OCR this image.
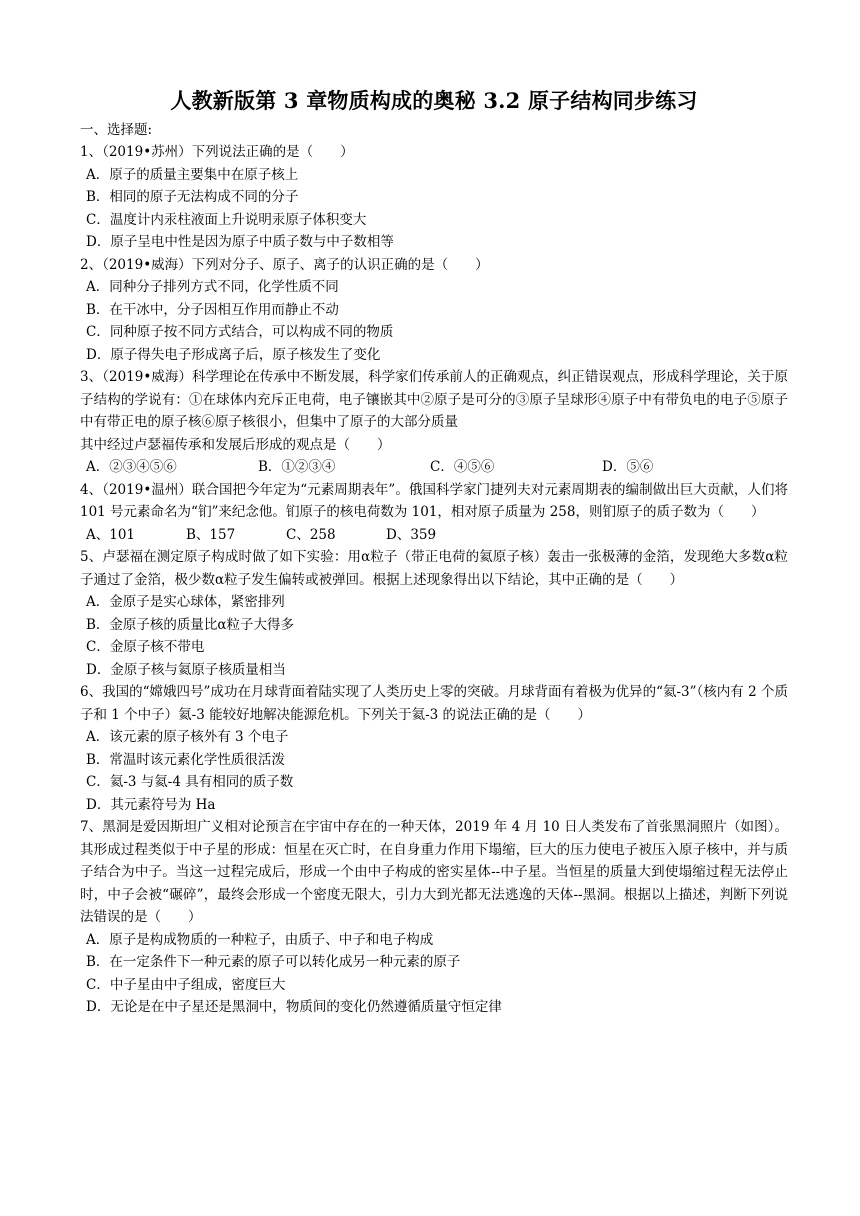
人教新版第 3 章物质构成的奥秘 3.2 原子结构同步练习
一、选择题:
1、（2019•苏州）下列说法正确的是（　　）
A．原子的质量主要集中在原子核上
B．相同的原子无法构成不同的分子
C．温度计内汞柱液面上升说明汞原子体积变大
D．原子呈电中性是因为原子中质子数与中子数相等
2、（2019•威海）下列对分子、原子、离子的认识正确的是（　　）
A．同种分子排列方式不同，化学性质不同
B．在干冰中，分子因相互作用而静止不动
C．同种原子按不同方式结合，可以构成不同的物质
D．原子得失电子形成离子后，原子核发生了变化
3、（2019•威海）科学理论在传承中不断发展，科学家们传承前人的正确观点，纠正错误观点，形成科学理论，关于原子结构的学说有：①在球体内充斥正电荷，电子镶嵌其中②原子是可分的③原子呈球形④原子中有带负电的电子⑤原子中有带正电的原子核⑥原子核很小，但集中了原子的大部分质量
其中经过卢瑟福传承和发展后形成的观点是（　　）
A．②③④⑤⑥	B．①②③④	C．④⑤⑥	D．⑤⑥
4、（2019•温州）联合国把今年定为“元素周期表年”。俄国科学家门捷列夫对元素周期表的编制做出巨大贡献，人们将 101 号元素命名为“钔”来纪念他。钔原子的核电荷数为 101，相对原子质量为 258，则钔原子的质子数为（　　）
A、101	B、157	C、258	D、359
5、卢瑟福在测定原子构成时做了如下实验：用α粒子（带正电荷的氦原子核）轰击一张极薄的金箔，发现绝大多数α粒子通过了金箔，极少数α粒子发生偏转或被弹回。根据上述现象得出以下结论，其中正确的是（　　）
A．金原子是实心球体，紧密排列
B．金原子核的质量比α粒子大得多
C．金原子核不带电
D．金原子核与氦原子核质量相当
6、我国的“嫦娥四号”成功在月球背面着陆实现了人类历史上零的突破。月球背面有着极为优异的“氦-3”（核内有 2 个质子和 1 个中子）氦-3 能较好地解决能源危机。下列关于氦-3 的说法正确的是（　　）
A．该元素的原子核外有 3 个电子
B．常温时该元素化学性质很活泼
C．氦-3 与氦-4 具有相同的质子数
D．其元素符号为 Ha
7、黑洞是爱因斯坦广义相对论预言在宇宙中存在的一种天体，2019 年 4 月 10 日人类发布了首张黑洞照片（如图）。其形成过程类似于中子星的形成：恒星在灭亡时，在自身重力作用下塌缩，巨大的压力使电子被压入原子核中，并与质子结合为中子。当这一过程完成后，形成一个由中子构成的密实星体--中子星。当恒星的质量大到使塌缩过程无法停止时，中子会被“碾碎”，最终会形成一个密度无限大，引力大到光都无法逃逸的天体--黑洞。根据以上描述，判断下列说法错误的是（　　）
A．原子是构成物质的一种粒子，由质子、中子和电子构成
B．在一定条件下一种元素的原子可以转化成另一种元素的原子
C．中子星由中子组成，密度巨大
D．无论是在中子星还是黑洞中，物质间的变化仍然遵循质量守恒定律
